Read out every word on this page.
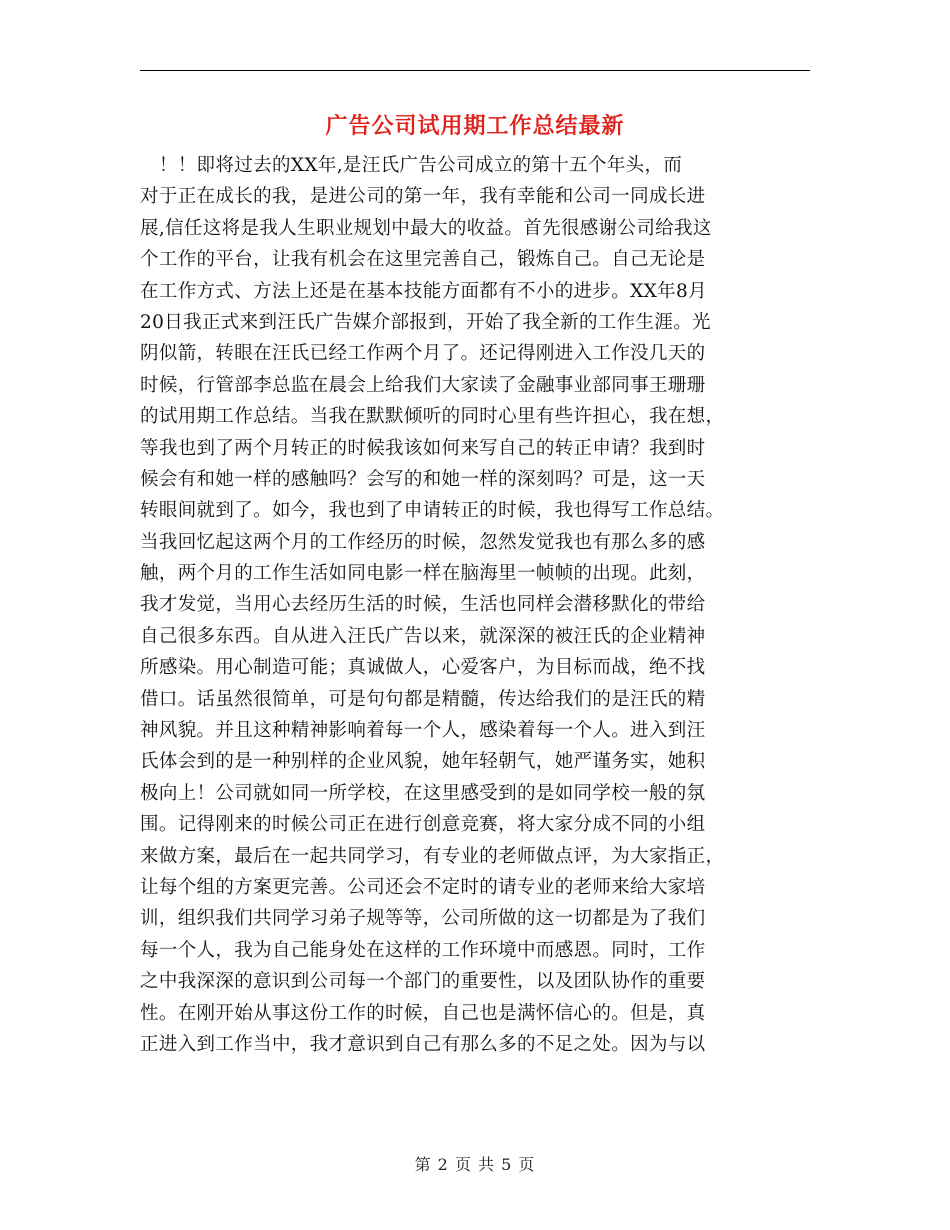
广告公司试用期工作总结最新
　！！即将过去的XX年,是汪氏广告公司成立的第十五个年头，而
对于正在成长的我，是进公司的第一年，我有幸能和公司一同成长进
展,信任这将是我人生职业规划中最大的收益。首先很感谢公司给我这
个工作的平台，让我有机会在这里完善自己，锻炼自己。自己无论是
在工作方式、方法上还是在基本技能方面都有不小的进步。XX年8月
20日我正式来到汪氏广告媒介部报到，开始了我全新的工作生涯。光
阴似箭，转眼在汪氏已经工作两个月了。还记得刚进入工作没几天的
时候，行管部李总监在晨会上给我们大家读了金融事业部同事王珊珊
的试用期工作总结。当我在默默倾听的同时心里有些许担心，我在想，
等我也到了两个月转正的时候我该如何来写自己的转正申请？我到时
候会有和她一样的感触吗？会写的和她一样的深刻吗？可是，这一天
转眼间就到了。如今，我也到了申请转正的时候，我也得写工作总结。
当我回忆起这两个月的工作经历的时候，忽然发觉我也有那么多的感
触，两个月的工作生活如同电影一样在脑海里一帧帧的出现。此刻，
我才发觉，当用心去经历生活的时候，生活也同样会潜移默化的带给
自己很多东西。自从进入汪氏广告以来，就深深的被汪氏的企业精神
所感染。用心制造可能；真诚做人，心爱客户，为目标而战，绝不找
借口。话虽然很简单，可是句句都是精髓，传达给我们的是汪氏的精
神风貌。并且这种精神影响着每一个人，感染着每一个人。进入到汪
氏体会到的是一种别样的企业风貌，她年轻朝气，她严谨务实，她积
极向上！公司就如同一所学校，在这里感受到的是如同学校一般的氛
围。记得刚来的时候公司正在进行创意竞赛，将大家分成不同的小组
来做方案，最后在一起共同学习，有专业的老师做点评，为大家指正，
让每个组的方案更完善。公司还会不定时的请专业的老师来给大家培
训，组织我们共同学习弟子规等等，公司所做的这一切都是为了我们
每一个人，我为自己能身处在这样的工作环境中而感恩。同时，工作
之中我深深的意识到公司每一个部门的重要性，以及团队协作的重要
性。在刚开始从事这份工作的时候，自己也是满怀信心的。但是，真
正进入到工作当中，我才意识到自己有那么多的不足之处。因为与以
第 2 页 共 5 页
